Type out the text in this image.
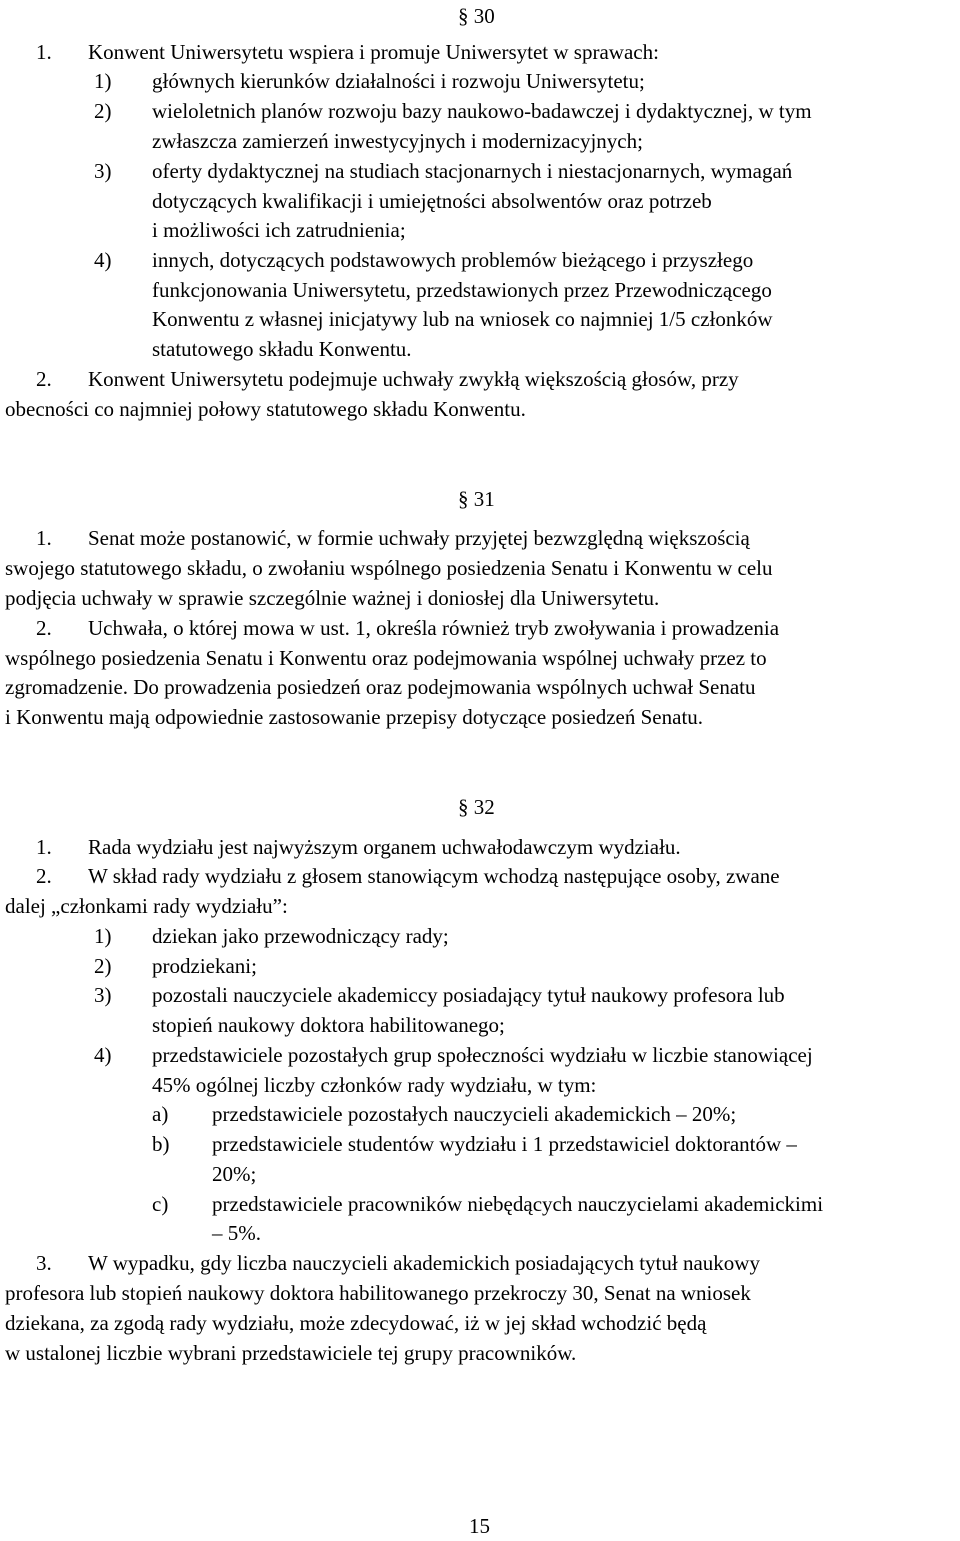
§ 30
1. Konwent Uniwersytetu wspiera i promuje Uniwersytet w sprawach:
1) głównych kierunków działalności i rozwoju Uniwersytetu;
2) wieloletnich planów rozwoju bazy naukowo-badawczej i dydaktycznej, w tym
zwłaszcza zamierzeń inwestycyjnych i modernizacyjnych;
3) oferty dydaktycznej na studiach stacjonarnych i niestacjonarnych, wymagań
dotyczących kwalifikacji i umiejętności absolwentów oraz potrzeb
i możliwości ich zatrudnienia;
4) innych, dotyczących podstawowych problemów bieżącego i przyszłego
funkcjonowania Uniwersytetu, przedstawionych przez Przewodniczącego
Konwentu z własnej inicjatywy lub na wniosek co najmniej 1/5 członków
statutowego składu Konwentu.
2. Konwent Uniwersytetu podejmuje uchwały zwykłą większością głosów, przy
obecności co najmniej połowy statutowego składu Konwentu.
§ 31
1. Senat może postanowić, w formie uchwały przyjętej bezwzględną większością
swojego statutowego składu, o zwołaniu wspólnego posiedzenia Senatu i Konwentu w celu
podjęcia uchwały w sprawie szczególnie ważnej i doniosłej dla Uniwersytetu.
2. Uchwała, o której mowa w ust. 1, określa również tryb zwoływania i prowadzenia
wspólnego posiedzenia Senatu i Konwentu oraz podejmowania wspólnej uchwały przez to
zgromadzenie. Do prowadzenia posiedzeń oraz podejmowania wspólnych uchwał Senatu
i Konwentu mają odpowiednie zastosowanie przepisy dotyczące posiedzeń Senatu.
§ 32
1. Rada wydziału jest najwyższym organem uchwałodawczym wydziału.
2. W skład rady wydziału z głosem stanowiącym wchodzą następujące osoby, zwane
dalej „członkami rady wydziału”:
1) dziekan jako przewodniczący rady;
2) prodziekani;
3) pozostali nauczyciele akademiccy posiadający tytuł naukowy profesora lub
stopień naukowy doktora habilitowanego;
4) przedstawiciele pozostałych grup społeczności wydziału w liczbie stanowiącej
45% ogólnej liczby członków rady wydziału, w tym:
a) przedstawiciele pozostałych nauczycieli akademickich – 20%;
b) przedstawiciele studentów wydziału i 1 przedstawiciel doktorantów –
20%;
c) przedstawiciele pracowników niebędących nauczycielami akademickimi
– 5%.
3. W wypadku, gdy liczba nauczycieli akademickich posiadających tytuł naukowy
profesora lub stopień naukowy doktora habilitowanego przekroczy 30, Senat na wniosek
dziekana, za zgodą rady wydziału, może zdecydować, iż w jej skład wchodzić będą
w ustalonej liczbie wybrani przedstawiciele tej grupy pracowników.
15
